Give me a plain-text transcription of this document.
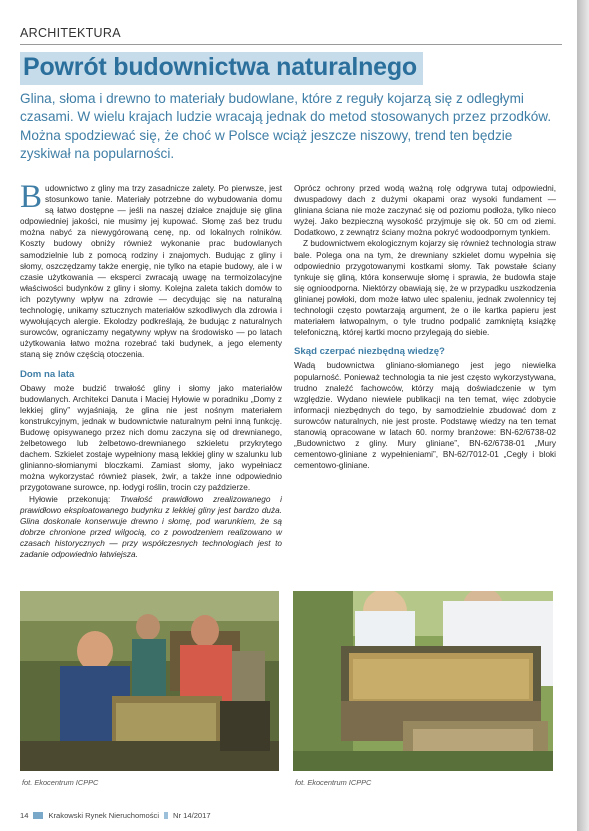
ARCHITEKTURA
Powrót budownictwa naturalnego

Glina, słoma i drewno to materiały budowlane, które z reguły kojarzą się z odległymi czasami. W wielu krajach ludzie wracają jednak do metod stosowanych przez przodków. Można spodziewać się, że choć w Polsce wciąż jeszcze niszowy, trend ten będzie zyskiwał na popularności.

Budownictwo z gliny ma trzy zasadnicze zalety. Po pierwsze, jest stosunkowo tanie. Materiały potrzebne do wybudowania domu są łatwo dostępne — jeśli na naszej działce znajduje się glina odpowiedniej jakości, nie musimy jej kupować. Słomę zaś bez trudu można nabyć za niewygórowaną cenę, np. od lokalnych rolników. Koszty budowy obniży również wykonanie prac budowlanych samodzielnie lub z pomocą rodziny i znajomych. Budując z gliny i słomy, oszczędzamy także energię, nie tylko na etapie budowy, ale i w czasie użytkowania — eksperci zwracają uwagę na termoizolacyjne właściwości budynków z gliny i słomy. Kolejna zaleta takich domów to ich pozytywny wpływ na zdrowie — decydując się na naturalną technologię, unikamy sztucznych materiałów szkodliwych dla zdrowia i wywołujących alergie. Ekolodzy podkreślają, że budując z naturalnych surowców, ograniczamy negatywny wpływ na środowisko — po latach użytkowania łatwo można rozebrać taki budynek, a jego elementy staną się znów częścią otoczenia.

Dom na lata

Obawy może budzić trwałość gliny i słomy jako materiałów budowlanych. Architekci Danuta i Maciej Hyłowie w poradniku „Domy z lekkiej gliny” wyjaśniają, że glina nie jest nośnym materiałem konstrukcyjnym, jednak w budownictwie naturalnym pełni inną funkcję. Budowę opisywanego przez nich domu zaczyna się od drewnianego, żelbetowego lub żelbetowo-drewnianego szkieletu przykrytego dachem. Szkielet zostaje wypełniony masą lekkiej gliny w szalunku lub glinianno-słomianymi bloczkami. Zamiast słomy, jako wypełniacz można wykorzystać również piasek, żwir, a także inne odpowiednio przygotowane surowce, np. łodygi roślin, trocin czy paździerze.

Hyłowie przekonują: Trwałość prawidłowo zrealizowanego i prawidłowo eksploatowanego budynku z lekkiej gliny jest bardzo duża. Glina doskonale konserwuje drewno i słomę, pod warunkiem, że są dobrze chronione przed wilgocią, co z powodzeniem realizowano w czasach historycznych — przy współczesnych technologiach jest to zadanie odpowiednio łatwiejsza.

Oprócz ochrony przed wodą ważną rolę odgrywa tutaj odpowiedni, dwuspadowy dach z dużymi okapami oraz wysoki fundament — gliniana ściana nie może zaczynać się od poziomu podłoża, tylko nieco wyżej. Jako bezpieczną wysokość przyjmuje się ok. 50 cm od ziemi. Dodatkowo, z zewnątrz ściany można pokryć wodoodpornym tynkiem.

Z budownictwem ekologicznym kojarzy się również technologia straw bale. Polega ona na tym, że drewniany szkielet domu wypełnia się odpowiednio przygotowanymi kostkami słomy. Tak powstałe ściany tynkuje się gliną, która konserwuje słomę i sprawia, że budowla staje się ognioodporna. Niektórzy obawiają się, że w przypadku uszkodzenia glinianej powłoki, dom może łatwo ulec spaleniu, jednak zwolennicy tej technologii często powtarzają argument, że o ile kartka papieru jest materiałem łatwopalnym, o tyle trudno podpalić zamkniętą książkę telefoniczną, której kartki mocno przylegają do siebie.

Skąd czerpać niezbędną wiedzę?

Wadą budownictwa gliniano-słomianego jest jego niewielka popularność. Ponieważ technologia ta nie jest często wykorzystywana, trudno znaleźć fachowców, którzy mają doświadczenie w tym względzie. Wydano niewiele publikacji na ten temat, więc zdobycie informacji niezbędnych do tego, by samodzielnie zbudować dom z surowców naturalnych, nie jest proste. Podstawę wiedzy na ten temat stanowią opracowane w latach 60. normy branżowe: BN-62/6738-02 „Budownictwo z gliny. Mury gliniane”, BN-62/6738-01 „Mury cementowo-gliniane z wypełnieniami”, BN-62/7012-01 „Cegły i bloki cementowo-gliniane.

fot. Ekocentrum ICPPC	fot. Ekocentrum ICPPC
14	Krakowski Rynek Nieruchomości Nr 14/2017
